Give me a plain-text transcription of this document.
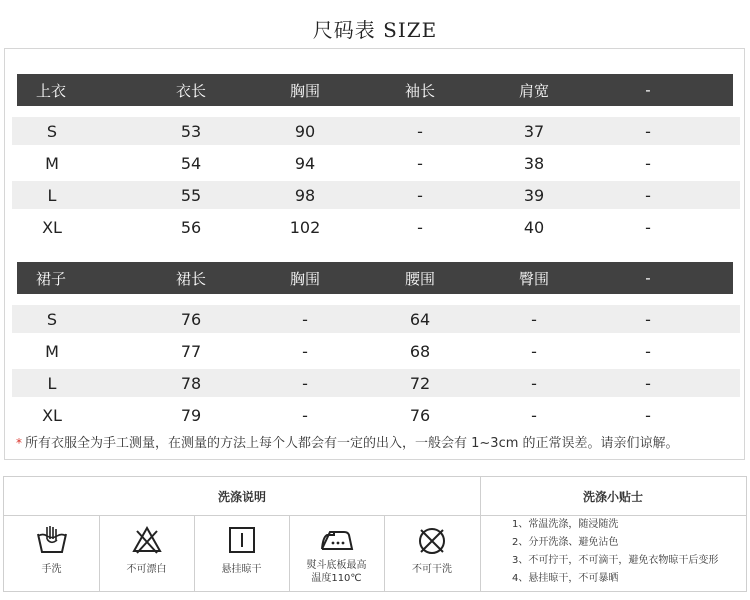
尺码表 SIZE
上衣	衣长	胸围	袖长	肩宽	-
S	53	90	-	37	-
M	54	94	-	38	-
L	55	98	-	39	-
XL	56	102	-	40	-
裙子	裙长	胸围	腰围	臀围	-
S	76	-	64	-	-
M	77	-	68	-	-
L	78	-	72	-	-
XL	79	-	76	-	-
* 所有衣服全为手工测量，在测量的方法上每个人都会有一定的出入，一般会有 1~3cm 的正常误差。请亲们谅解。
洗涤说明	洗涤小贴士
手洗	不可漂白	悬挂晾干	熨斗底板最高
温度110℃
不可干洗
1、常温洗涤，随浸随洗
2、分开洗涤、避免沾色
3、不可拧干，不可滴干，避免衣物晾干后变形
4、悬挂晾干，不可暴晒
